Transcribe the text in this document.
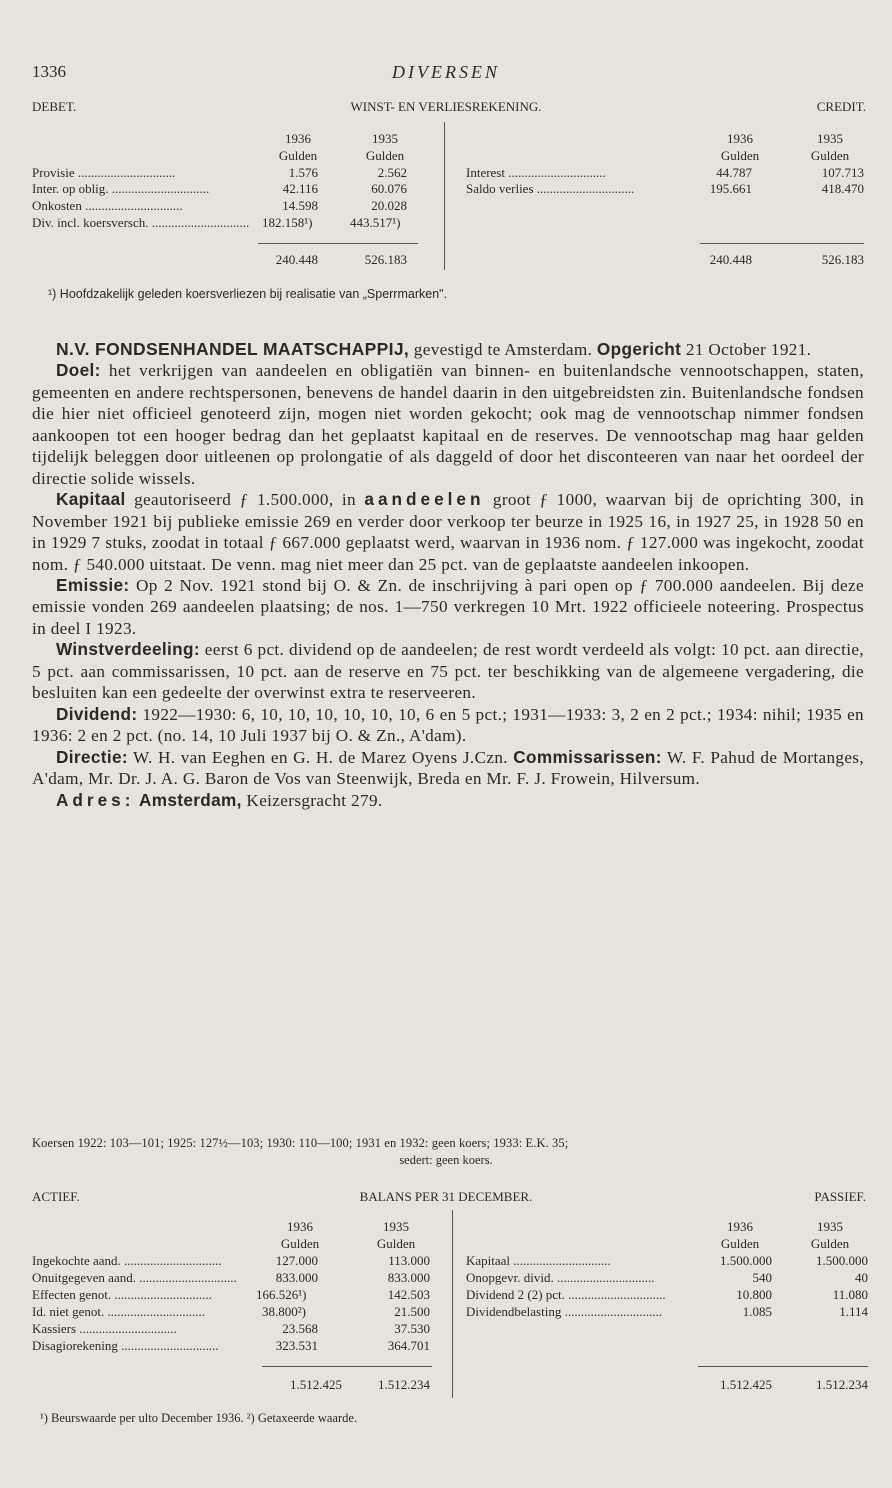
1336	DIVERSEN
DEBET.	WINST- EN VERLIESREKENING.	CREDIT.
1936	1935
Gulden	Gulden
1936	1935
Gulden	Gulden
Provisie ..............................	1.576	2.562
Inter. op oblig. ..............................	42.116	60.076
Onkosten ..............................	14.598	20.028
Div. incl. koersversch. .............................. 182.158¹)	443.517¹)
Interest ..............................	44.787	107.713
Saldo verlies ..............................	195.661	418.470
240.448	526.183	240.448	526.183
¹) Hoofdzakelijk geleden koersverliezen bij realisatie van „Sperrmarken".

N.V. FONDSENHANDEL MAATSCHAPPIJ, gevestigd te Amsterdam. Opgericht 21 October 1921.

Doel: het verkrijgen van aandeelen en obligatiën van binnen- en buitenlandsche vennootschappen, staten, gemeenten en andere rechtspersonen, benevens de handel daarin in den uitgebreidsten zin. Buitenlandsche fondsen die hier niet officieel genoteerd zijn, mogen niet worden gekocht; ook mag de vennootschap nimmer fondsen aankoopen tot een hooger bedrag dan het geplaatst kapitaal en de reserves. De vennootschap mag haar gelden tijdelijk beleggen door uitleenen op prolongatie of als daggeld of door het disconteeren van naar het oordeel der directie solide wissels.

Kapitaal geautoriseerd ƒ 1.500.000, in aandeelen groot ƒ 1000, waarvan bij de oprichting 300, in November 1921 bij publieke emissie 269 en verder door verkoop ter beurze in 1925 16, in 1927 25, in 1928 50 en in 1929 7 stuks, zoodat in totaal ƒ 667.000 geplaatst werd, waarvan in 1936 nom. ƒ 127.000 was ingekocht, zoodat nom. ƒ 540.000 uitstaat. De venn. mag niet meer dan 25 pct. van de geplaatste aandeelen inkoopen.

Emissie: Op 2 Nov. 1921 stond bij O. & Zn. de inschrijving à pari open op ƒ 700.000 aandeelen. Bij deze emissie vonden 269 aandeelen plaatsing; de nos. 1—750 verkregen 10 Mrt. 1922 officieele noteering. Prospectus in deel I 1923.

Winstverdeeling: eerst 6 pct. dividend op de aandeelen; de rest wordt verdeeld als volgt: 10 pct. aan directie, 5 pct. aan commissarissen, 10 pct. aan de reserve en 75 pct. ter beschikking van de algemeene vergadering, die besluiten kan een gedeelte der overwinst extra te reserveeren.

Dividend: 1922—1930: 6, 10, 10, 10, 10, 10, 10, 6 en 5 pct.; 1931—1933: 3, 2 en 2 pct.; 1934: nihil; 1935 en 1936: 2 en 2 pct. (no. 14, 10 Juli 1937 bij O. & Zn., A'dam).

Directie: W. H. van Eeghen en G. H. de Marez Oyens J.Czn. Commissarissen: W. F. Pahud de Mortanges, A'dam, Mr. Dr. J. A. G. Baron de Vos van Steenwijk, Breda en Mr. F. J. Frowein, Hilversum.

Adres: Amsterdam, Keizersgracht 279.

Koersen 1922: 103—101; 1925: 127½—103; 1930: 110—100; 1931 en 1932: geen koers; 1933: E.K. 35;
sedert: geen koers.
ACTIEF.	BALANS PER 31 DECEMBER.	PASSIEF.
1936	1935
Gulden	Gulden
1936	1935
Gulden	Gulden
Ingekochte aand. ..............................	127.000	113.000
Onuitgegeven aand. ..............................	833.000	833.000
Effecten genot. ..............................	166.526¹)	142.503
Id. niet genot. ..............................	38.800²)	21.500
Kassiers ..............................	23.568	37.530
Disagiorekening ..............................	323.531	364.701
Kapitaal ..............................	1.500.000	1.500.000
Onopgevr. divid. ..............................	540	40
Dividend 2 (2) pct. ..............................	10.800	11.080
Dividendbelasting ..............................	1.085	1.114
1.512.425	1.512.234	1.512.425	1.512.234
¹) Beurswaarde per ulto December 1936. ²) Getaxeerde waarde.
